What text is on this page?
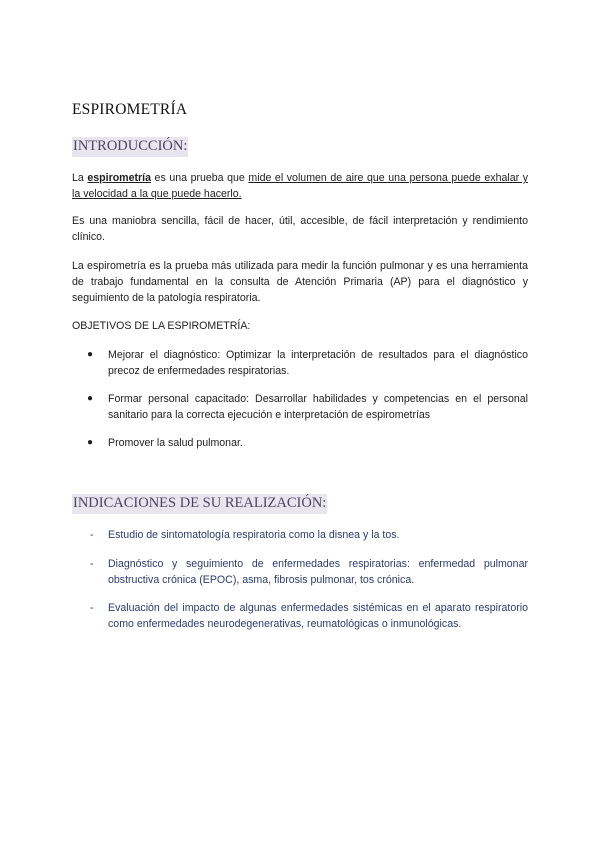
ESPIROMETRÍA
INTRODUCCIÓN:
La espirometría es una prueba que mide el volumen de aire que una persona puede exhalar y la velocidad a la que puede hacerlo.
Es una maniobra sencilla, fácil de hacer, útil, accesible, de fácil interpretación y rendimiento clínico.
La espirometría es la prueba más utilizada para medir la función pulmonar y es una herramienta de trabajo fundamental en la consulta de Atención Primaria (AP) para el diagnóstico y seguimiento de la patología respiratoria.
OBJETIVOS DE LA ESPIROMETRÍA:
● Mejorar el diagnóstico: Optimizar la interpretación de resultados para el diagnóstico precoz de enfermedades respiratorias.
● Formar personal capacitado: Desarrollar habilidades y competencias en el personal sanitario para la correcta ejecución e interpretación de espirometrías
● Promover la salud pulmonar.
INDICACIONES DE SU REALIZACIÓN:
- Estudio de sintomatología respiratoria como la disnea y la tos.
- Diagnóstico y seguimiento de enfermedades respiratorias: enfermedad pulmonar obstructiva crónica (EPOC), asma, fibrosis pulmonar, tos crónica.
- Evaluación del impacto de algunas enfermedades sistémicas en el aparato respiratorio como enfermedades neurodegenerativas, reumatológicas o inmunológicas.
